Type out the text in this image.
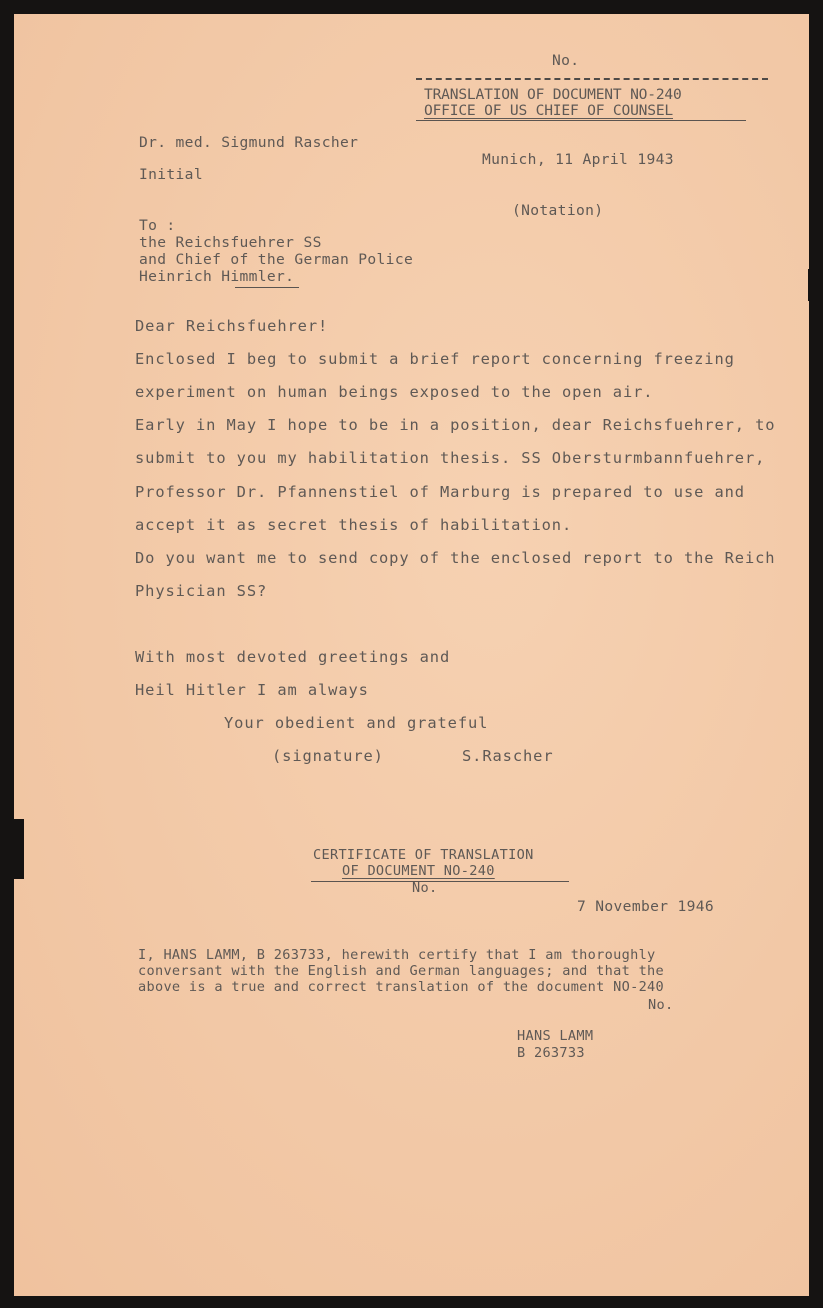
No.
TRANSLATION OF DOCUMENT NO-240
OFFICE OF US CHIEF OF COUNSEL
Dr. med. Sigmund Rascher
Munich, 11 April 1943
Initial
(Notation)
To :
the Reichsfuehrer SS
and Chief of the German Police
Heinrich Himmler.
Dear Reichsfuehrer!
Enclosed I beg to submit a brief report concerning freezing
experiment on human beings exposed to the open air.
Early in May I hope to be in a position, dear Reichsfuehrer, to
submit to you my habilitation thesis. SS Obersturmbannfuehrer,
Professor Dr. Pfannenstiel of Marburg is prepared to use and
accept it as secret thesis of habilitation.
Do you want me to send copy of the enclosed report to the Reich
Physician SS?
With most devoted greetings and
Heil Hitler I am always
Your obedient and grateful
(signature)	S.Rascher
CERTIFICATE OF TRANSLATION
OF DOCUMENT NO-240
No.
7 November 1946
I, HANS LAMM, B 263733, herewith certify that I am thoroughly
conversant with the English and German languages; and that the
above is a true and correct translation of the document NO-240
No.
HANS LAMM
B 263733
